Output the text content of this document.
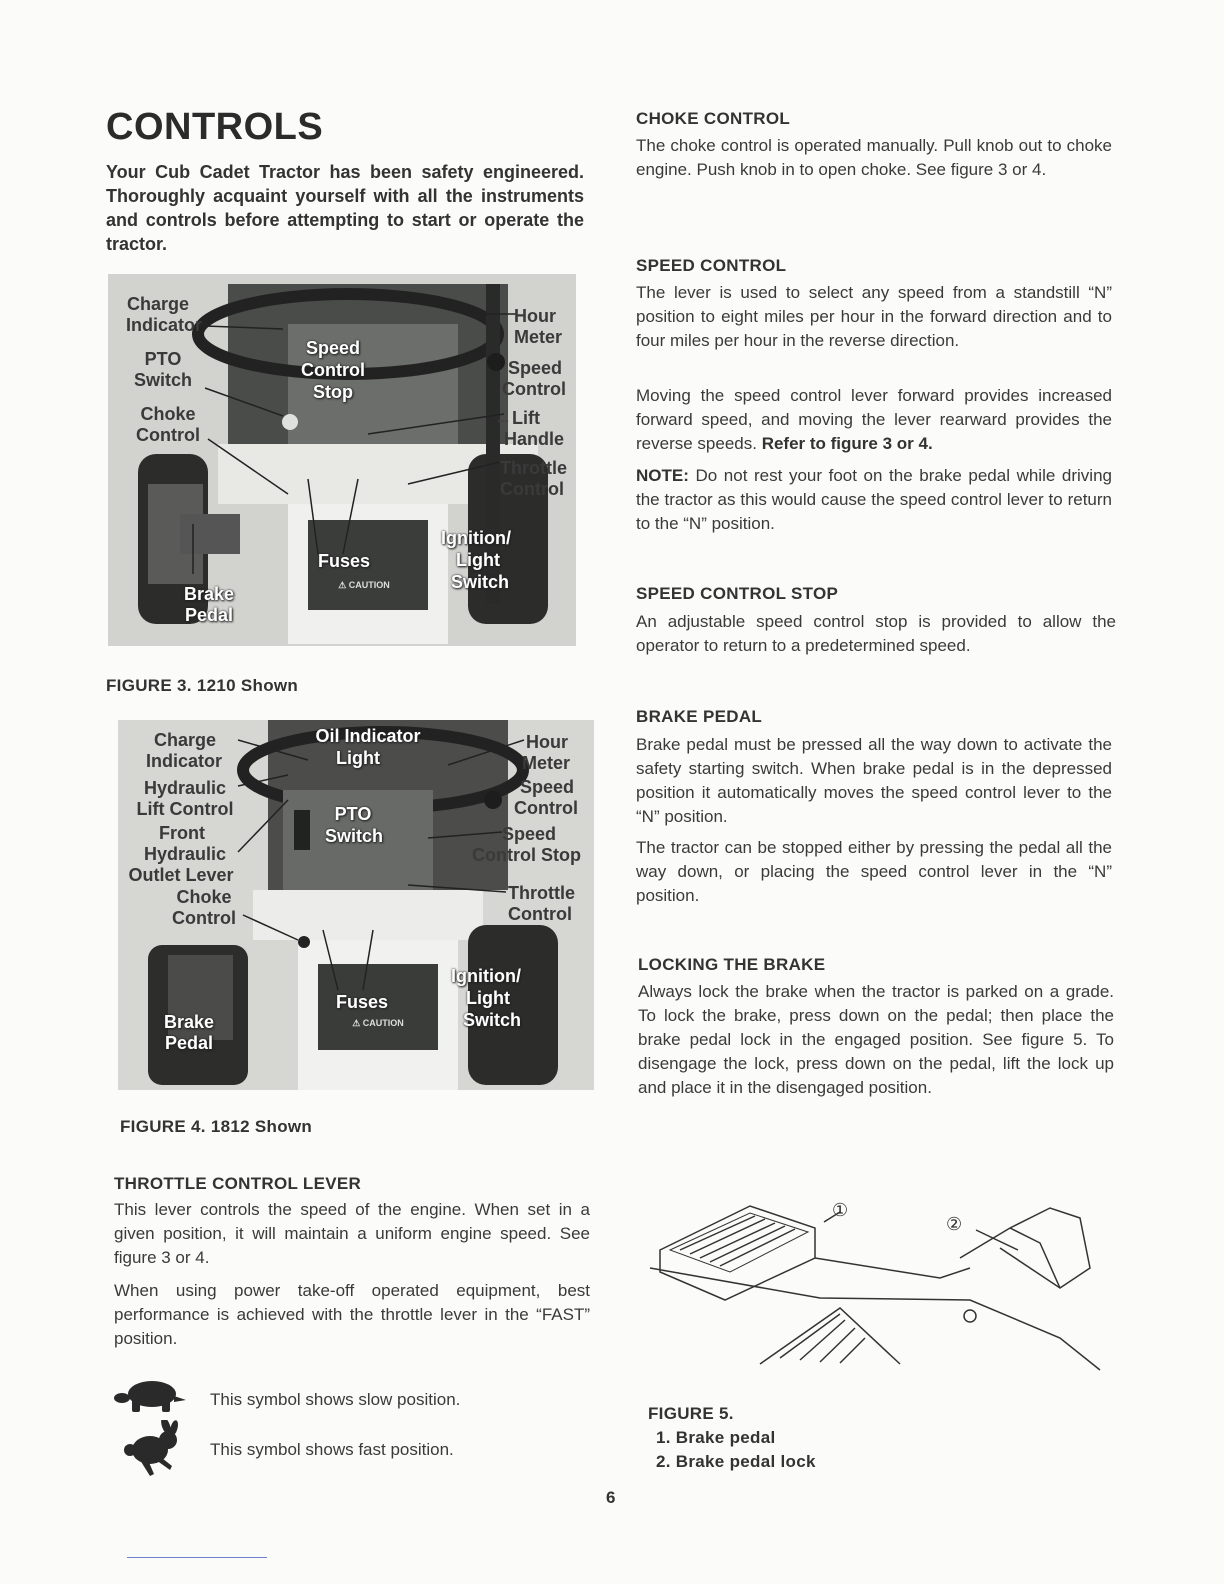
CONTROLS
Your Cub Cadet Tractor has been safety engineered. Thoroughly acquaint yourself with all the instruments and controls before attempting to start or operate the tractor.
Charge
Indicator
PTO
Switch
Choke
Control
Hour
Meter
Speed
Control
←Lift
Handle
Throttle
Control
Speed
Control
Stop
Fuses
Ignition/
Light
Switch
Brake
Pedal
⚠ CAUTION
FIGURE 3. 1210 Shown
Charge
Indicator
Hydraulic
Lift Control
Front
Hydraulic
Outlet Lever
Choke
Control
Oil Indicator
Light
PTO
Switch
Hour
Meter
Speed
Control
Speed
Control Stop
Throttle
Control
Fuses
Ignition/
Light
Switch
Brake
Pedal
⚠ CAUTION
FIGURE 4. 1812 Shown
THROTTLE CONTROL LEVER
This lever controls the speed of the engine. When set in a given position, it will maintain a uniform engine speed. See figure 3 or 4.
When using power take-off operated equipment, best performance is achieved with the throttle lever in the “FAST” position.
This symbol shows slow position.
This symbol shows fast position.
CHOKE CONTROL
The choke control is operated manually. Pull knob out to choke engine. Push knob in to open choke. See figure 3 or 4.
SPEED CONTROL
The lever is used to select any speed from a standstill “N” position to eight miles per hour in the forward direction and to four miles per hour in the reverse direction.
Moving the speed control lever forward provides increased forward speed, and moving the lever rearward provides the reverse speeds. Refer to figure 3 or 4.
NOTE: Do not rest your foot on the brake pedal while driving the tractor as this would cause the speed control lever to return to the “N” position.
SPEED CONTROL STOP
An adjustable speed control stop is provided to allow the operator to return to a predetermined speed.
BRAKE PEDAL
Brake pedal must be pressed all the way down to activate the safety starting switch. When brake pedal is in the depressed position it automatically moves the speed control lever to the “N” position.
The tractor can be stopped either by pressing the pedal all the way down, or placing the speed control lever in the “N” position.
LOCKING THE BRAKE
Always lock the brake when the tractor is parked on a grade. To lock the brake, press down on the pedal; then place the brake pedal lock in the engaged position. See figure 5. To disengage the lock, press down on the pedal, lift the lock up and place it in the disengaged position.
①
②
FIGURE 5.
1. Brake pedal
2. Brake pedal lock
6
